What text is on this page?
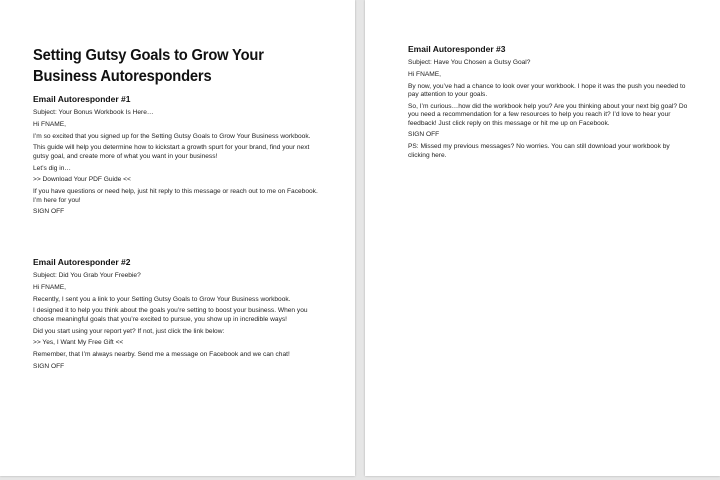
Setting Gutsy Goals to Grow Your Business Autoresponders
Email Autoresponder #1

Subject: Your Bonus Workbook Is Here…

Hi FNAME,

I’m so excited that you signed up for the Setting Gutsy Goals to Grow Your Business workbook.

This guide will help you determine how to kickstart a growth spurt for your brand, find your next gutsy goal, and create more of what you want in your business!

Let’s dig in…

>> Download Your PDF Guide <<

If you have questions or need help, just hit reply to this message or reach out to me on Facebook. I’m here for you!

SIGN OFF

Email Autoresponder #2

Subject: Did You Grab Your Freebie?

Hi FNAME,

Recently, I sent you a link to your Setting Gutsy Goals to Grow Your Business workbook.

I designed it to help you think about the goals you’re setting to boost your business. When you choose meaningful goals that you’re excited to pursue, you show up in incredible ways!

Did you start using your report yet? If not, just click the link below:

>> Yes, I Want My Free Gift <<

Remember, that I’m always nearby. Send me a message on Facebook and we can chat!

SIGN OFF

Email Autoresponder #3

Subject: Have You Chosen a Gutsy Goal?

Hi FNAME,

By now, you’ve had a chance to look over your workbook. I hope it was the push you needed to pay attention to your goals.

So, I’m curious…how did the workbook help you? Are you thinking about your next big goal? Do you need a recommendation for a few resources to help you reach it? I’d love to hear your feedback! Just click reply on this message or hit me up on Facebook.

SIGN OFF

PS: Missed my previous messages? No worries. You can still download your workbook by clicking here.
